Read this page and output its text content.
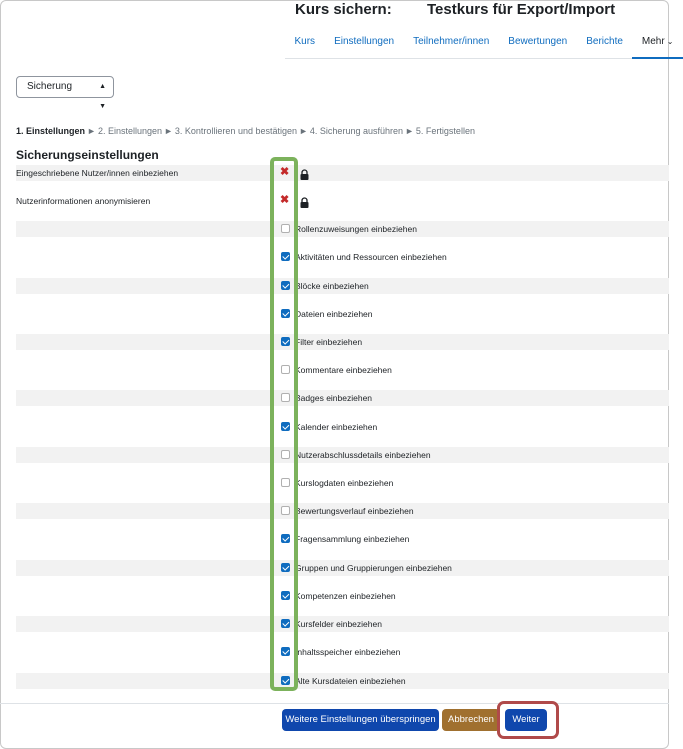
Kurs sichern: Testkurs für Export/Import
Kurs	Einstellungen	Teilnehmer/innen	Bewertungen	Berichte	Mehr ⌄
Sicherung	▲
▼
1. Einstellungen ► 2. Einstellungen ► 3. Kontrollieren und bestätigen ► 4. Sicherung ausführen ► 5. Fertigstellen
Sicherungseinstellungen
Eingeschriebene Nutzer/innen einbeziehen	✖
Nutzerinformationen anonymisieren	✖
Rollenzuweisungen einbeziehen
Aktivitäten und Ressourcen einbeziehen
Blöcke einbeziehen
Dateien einbeziehen
Filter einbeziehen
Kommentare einbeziehen
Badges einbeziehen
Kalender einbeziehen
Nutzerabschlussdetails einbeziehen
Kurslogdaten einbeziehen
Bewertungsverlauf einbeziehen
Fragensammlung einbeziehen
Gruppen und Gruppierungen einbeziehen
Kompetenzen einbeziehen
Kursfelder einbeziehen
Inhaltsspeicher einbeziehen
Alte Kursdateien einbeziehen
Weitere Einstellungen überspringen	Abbrechen	Weiter
